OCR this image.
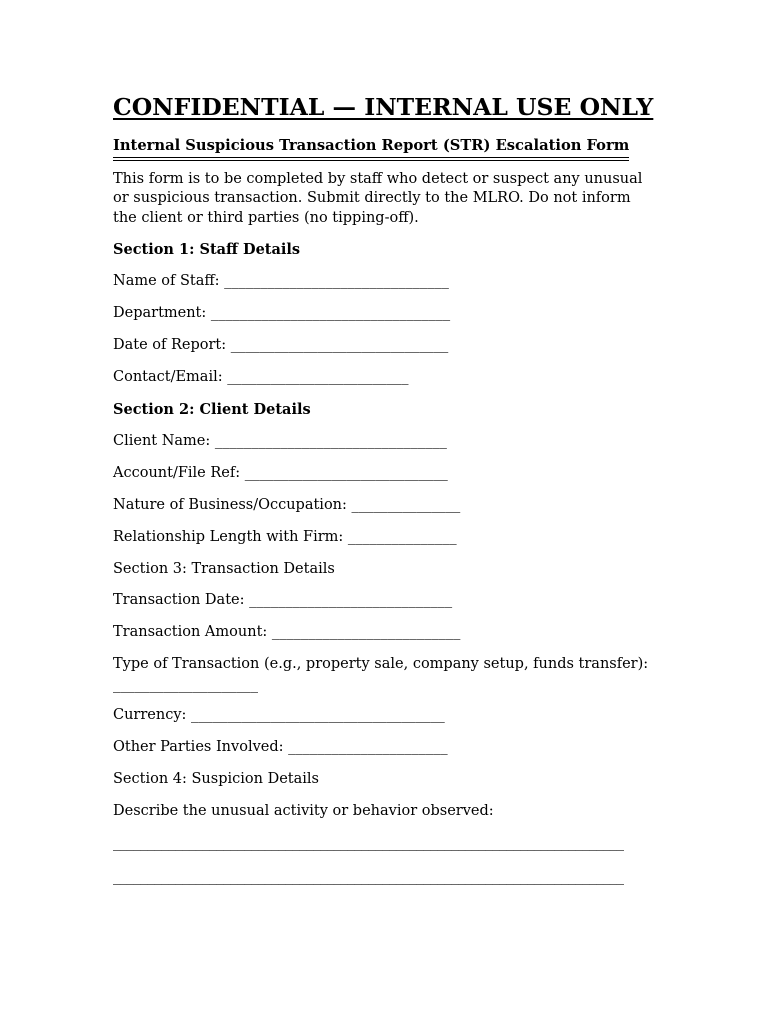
CONFIDENTIAL — INTERNAL USE ONLY
Internal Suspicious Transaction Report (STR) Escalation Form

This form is to be completed by staff who detect or suspect any unusual or suspicious transaction. Submit directly to the MLRO. Do not inform the client or third parties (no tipping-off).

Section 1: Staff Details

Name of Staff: _______________________________

Department: _________________________________

Date of Report: ______________________________

Contact/Email: _________________________

Section 2: Client Details

Client Name: ________________________________

Account/File Ref: ____________________________

Nature of Business/Occupation: _______________

Relationship Length with Firm: _______________

Section 3: Transaction Details

Transaction Date: ____________________________

Transaction Amount: __________________________

Type of Transaction (e.g., property sale, company setup, funds transfer):

____________________

Currency: ___________________________________

Other Parties Involved: ______________________

Section 4: Suspicion Details

Describe the unusual activity or behavior observed:

__________________________________________________________________________

__________________________________________________________________________
